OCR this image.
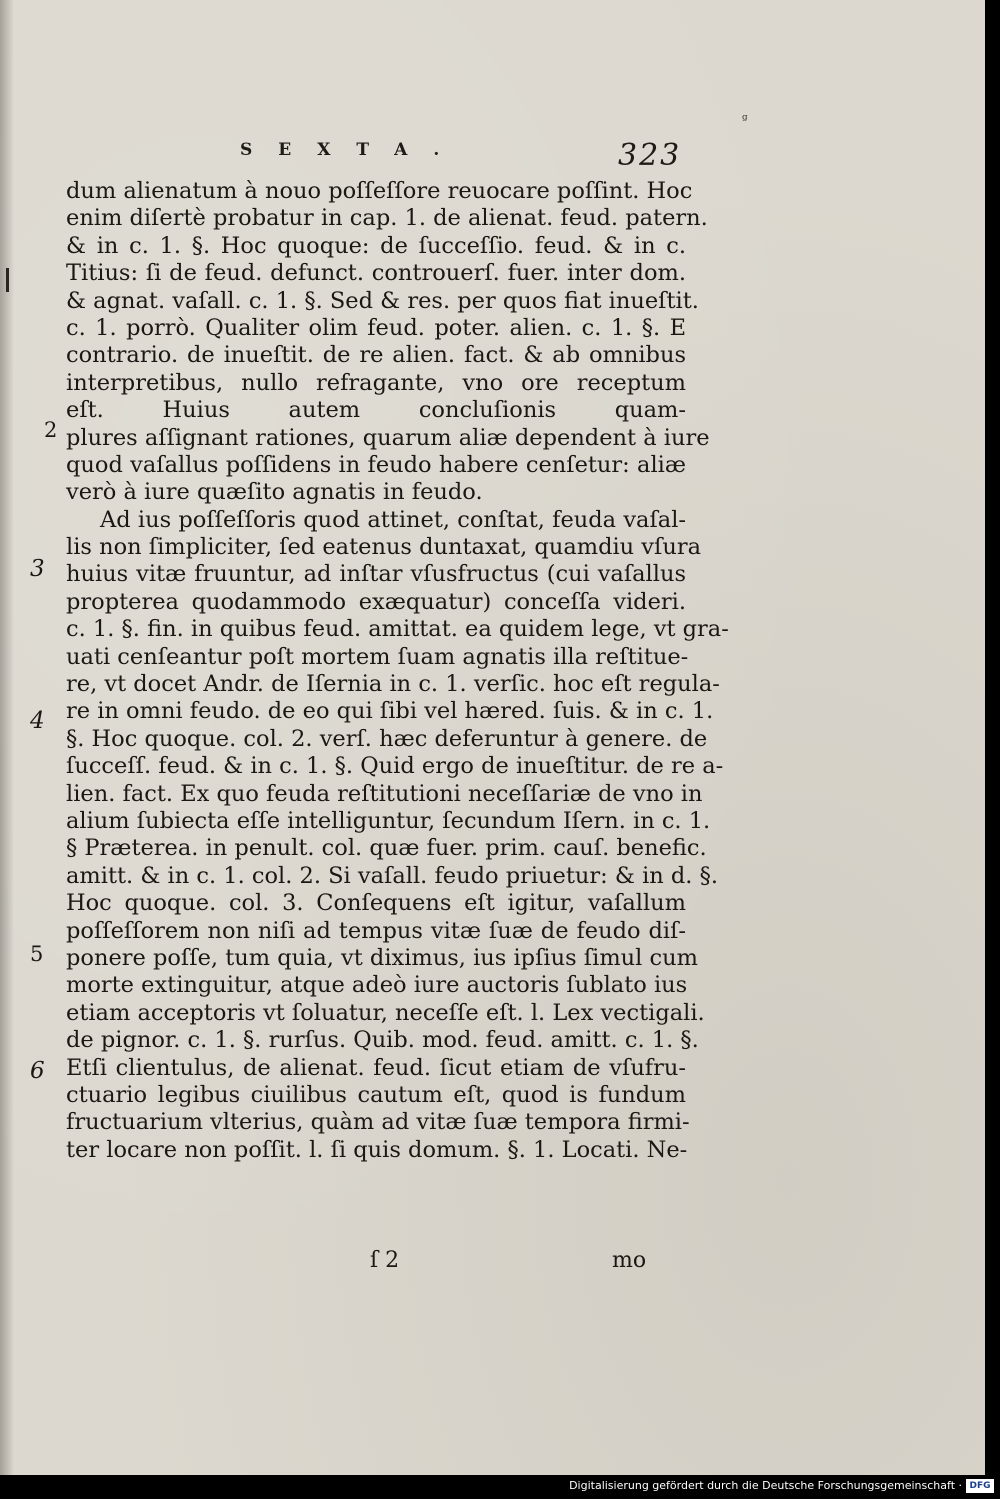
SEXTA.	323
ᵍ
dum alienatum à nouo poſſeſſore reuocare poſſint. Hoc
enim diſertè probatur in cap. 1. de alienat. feud. patern.
& in c. 1. §. Hoc quoque: de ſucceſſio. feud. & in c.
Titius: ſi de feud. defunct. controuerſ. fuer. inter dom.
& agnat. vaſall. c. 1. §. Sed & res. per quos fiat inueſtit.
c. 1. porrò. Qualiter olim feud. poter. alien. c. 1. §. E
contrario. de inueſtit. de re alien. fact. & ab omnibus
interpretibus, nullo refragante, vno ore receptum
eſt. Huius autem concluſionis quam-
plures aſſignant rationes, quarum aliæ dependent à iure
quod vaſallus poſſidens in feudo habere cenſetur: aliæ
verò à iure quæſito agnatis in feudo.
Ad ius poſſeſſoris quod attinet, conſtat, feuda vaſal-
lis non ſimpliciter, ſed eatenus duntaxat, quamdiu vſura
huius vitæ fruuntur, ad inſtar vſusfructus (cui vaſallus
propterea quodammodo exæquatur) conceſſa videri.
c. 1. §. fin. in quibus feud. amittat. ea quidem lege, vt gra-
uati cenſeantur poſt mortem ſuam agnatis illa reſtitue-
re, vt docet Andr. de Iſernia in c. 1. verſic. hoc eſt regula-
re in omni feudo. de eo qui ſibi vel hæred. ſuis. & in c. 1.
§. Hoc quoque. col. 2. verſ. hæc deferuntur à genere. de
ſucceſſ. feud. & in c. 1. §. Quid ergo de inueſtitur. de re a-
lien. fact. Ex quo feuda reſtitutioni neceſſariæ de vno in
alium ſubiecta eſſe intelliguntur, ſecundum Iſern. in c. 1.
§ Præterea. in penult. col. quæ fuer. prim. cauſ. benefic.
amitt. & in c. 1. col. 2. Si vaſall. feudo priuetur: & in d. §.
Hoc quoque. col. 3. Conſequens eſt igitur, vaſallum
poſſeſſorem non niſi ad tempus vitæ ſuæ de feudo diſ-
ponere poſſe, tum quia, vt diximus, ius ipſius ſimul cum
morte extinguitur, atque adeò iure auctoris ſublato ius
etiam acceptoris vt ſoluatur, neceſſe eſt. l. Lex vectigali.
de pignor. c. 1. §. rurſus. Quib. mod. feud. amitt. c. 1. §.
Etſi clientulus, de alienat. feud. ſicut etiam de vſufru-
ctuario legibus ciuilibus cautum eſt, quod is fundum
fructuarium vlterius, quàm ad vitæ ſuæ tempora firmi-
ter locare non poſſit. l. ſi quis domum. §. 1. Locati. Ne-
2
3
4
5
6
ſ 2	mo
Digitalisierung gefördert durch die Deutsche Forschungsgemeinschaft · DFG
